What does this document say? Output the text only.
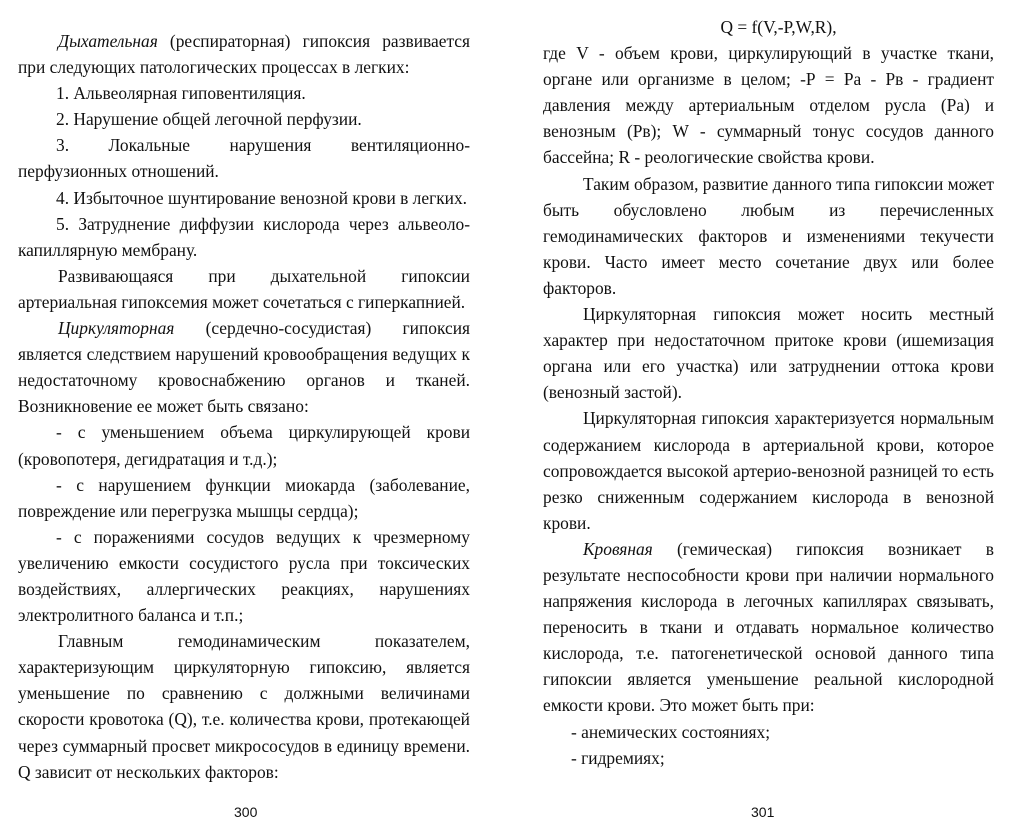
Дыхательная (респираторная) гипоксия развивается при следующих патологических процессах в легких:

1. Альвеолярная гиповентиляция.

2. Нарушение общей легочной перфузии.

3. Локальные нарушения вентиляционно-перфузионных отношений.

4. Избыточное шунтирование венозной крови в легких.

5. Затруднение диффузии кислорода через альвеоло-капиллярную мембрану.

Развивающаяся при дыхательной гипоксии артериальная гипоксемия может сочетаться с гиперкапнией.

Циркуляторная (сердечно-сосудистая) гипоксия является следствием нарушений кровообращения ведущих к недостаточному кровоснабжению органов и тканей. Возникновение ее может быть связано:

- с уменьшением объема циркулирующей крови (кровопотеря, дегидратация и т.д.);

- с нарушением функции миокарда (заболевание, повреждение или перегрузка мышцы сердца);

- с поражениями сосудов ведущих к чрезмерному увеличению емкости сосудистого русла при токсических воздействиях, аллергических реакциях, нарушениях электролитного баланса и т.п.;

Главным гемодинамическим показателем, характеризующим циркуляторную гипоксию, является уменьшение по сравнению с должными величинами скорости кровотока (Q), т.е. количества крови, протекающей через суммарный просвет микрососудов в единицу времени. Q зависит от нескольких факторов:

300

Q = f(V,-P,W,R),

где V - объем крови, циркулирующий в участке ткани, органе или организме в целом; -Р = Ра - Рв - градиент давления между артериальным отделом русла (Ра) и венозным (Рв); W - суммарный тонус сосудов данного бассейна; R - реологические свойства крови.

Таким образом, развитие данного типа гипоксии может быть обусловлено любым из перечисленных гемодинамических факторов и изменениями текучести крови. Часто имеет место сочетание двух или более факторов.

Циркуляторная гипоксия может носить местный характер при недостаточном притоке крови (ишемизация органа или его участка) или затруднении оттока крови (венозный застой).

Циркуляторная гипоксия характеризуется нормальным содержанием кислорода в артериальной крови, которое сопровождается высокой артерио-венозной разницей то есть резко сниженным содержанием кислорода в венозной крови.

Кровяная (гемическая) гипоксия возникает в результате неспособности крови при наличии нормального напряжения кислорода в легочных капиллярах связывать, переносить в ткани и отдавать нормальное количество кислорода, т.е. патогенетической основой данного типа гипоксии является уменьшение реальной кислородной емкости крови. Это может быть при:

- анемических состояниях;

- гидремиях;

301
